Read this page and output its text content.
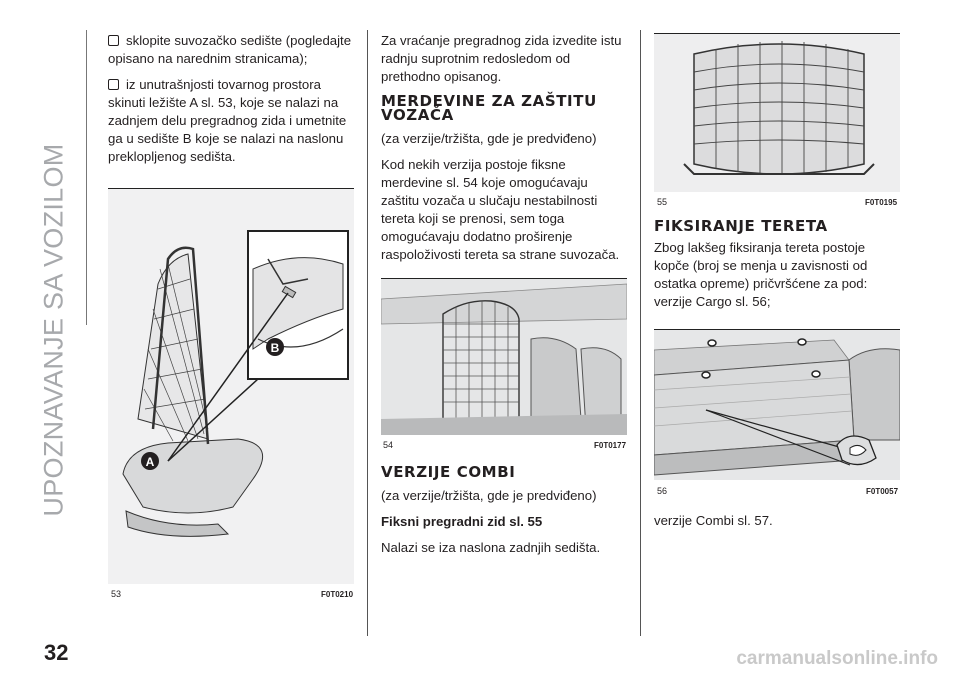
UPOZNAVANJE SA VOZILOM

sklopite suvozačko sedište (pogledajte opisano na narednim stranicama);

iz unutrašnjosti tovarnog prostora skinuti ležište A sl. 53, koje se nalazi na zadnjem delu pregradnog zida i umetnite ga u sedište B koje se nalazi na naslonu preklopljenog sedišta.

B
A
53	F0T0210

Za vraćanje pregradnog zida izvedite istu radnju suprotnim redosledom od prethodno opisanog.

MERDEVINE ZA ZAŠTITU VOZAČA

(za verzije/tržišta, gde je predviđeno)

Kod nekih verzija postoje fiksne merdevine sl. 54 koje omogućavaju zaštitu vozača u slučaju nestabilnosti tereta koji se prenosi, sem toga omogućavaju dodatno proširenje raspoloživosti tereta sa strane suvozača.

54	F0T0177

VERZIJE COMBI

(za verzije/tržišta, gde je predviđeno)

Fiksni pregradni zid sl. 55

Nalazi se iza naslona zadnjih sedišta.

55	F0T0195

FIKSIRANJE TERETA

Zbog lakšeg fiksiranja tereta postoje kopče (broj se menja u zavisnosti od ostatka opreme) pričvršćene za pod: verzije Cargo sl. 56;

56	F0T0057

verzije Combi sl. 57.

32	carmanualsonline.info
